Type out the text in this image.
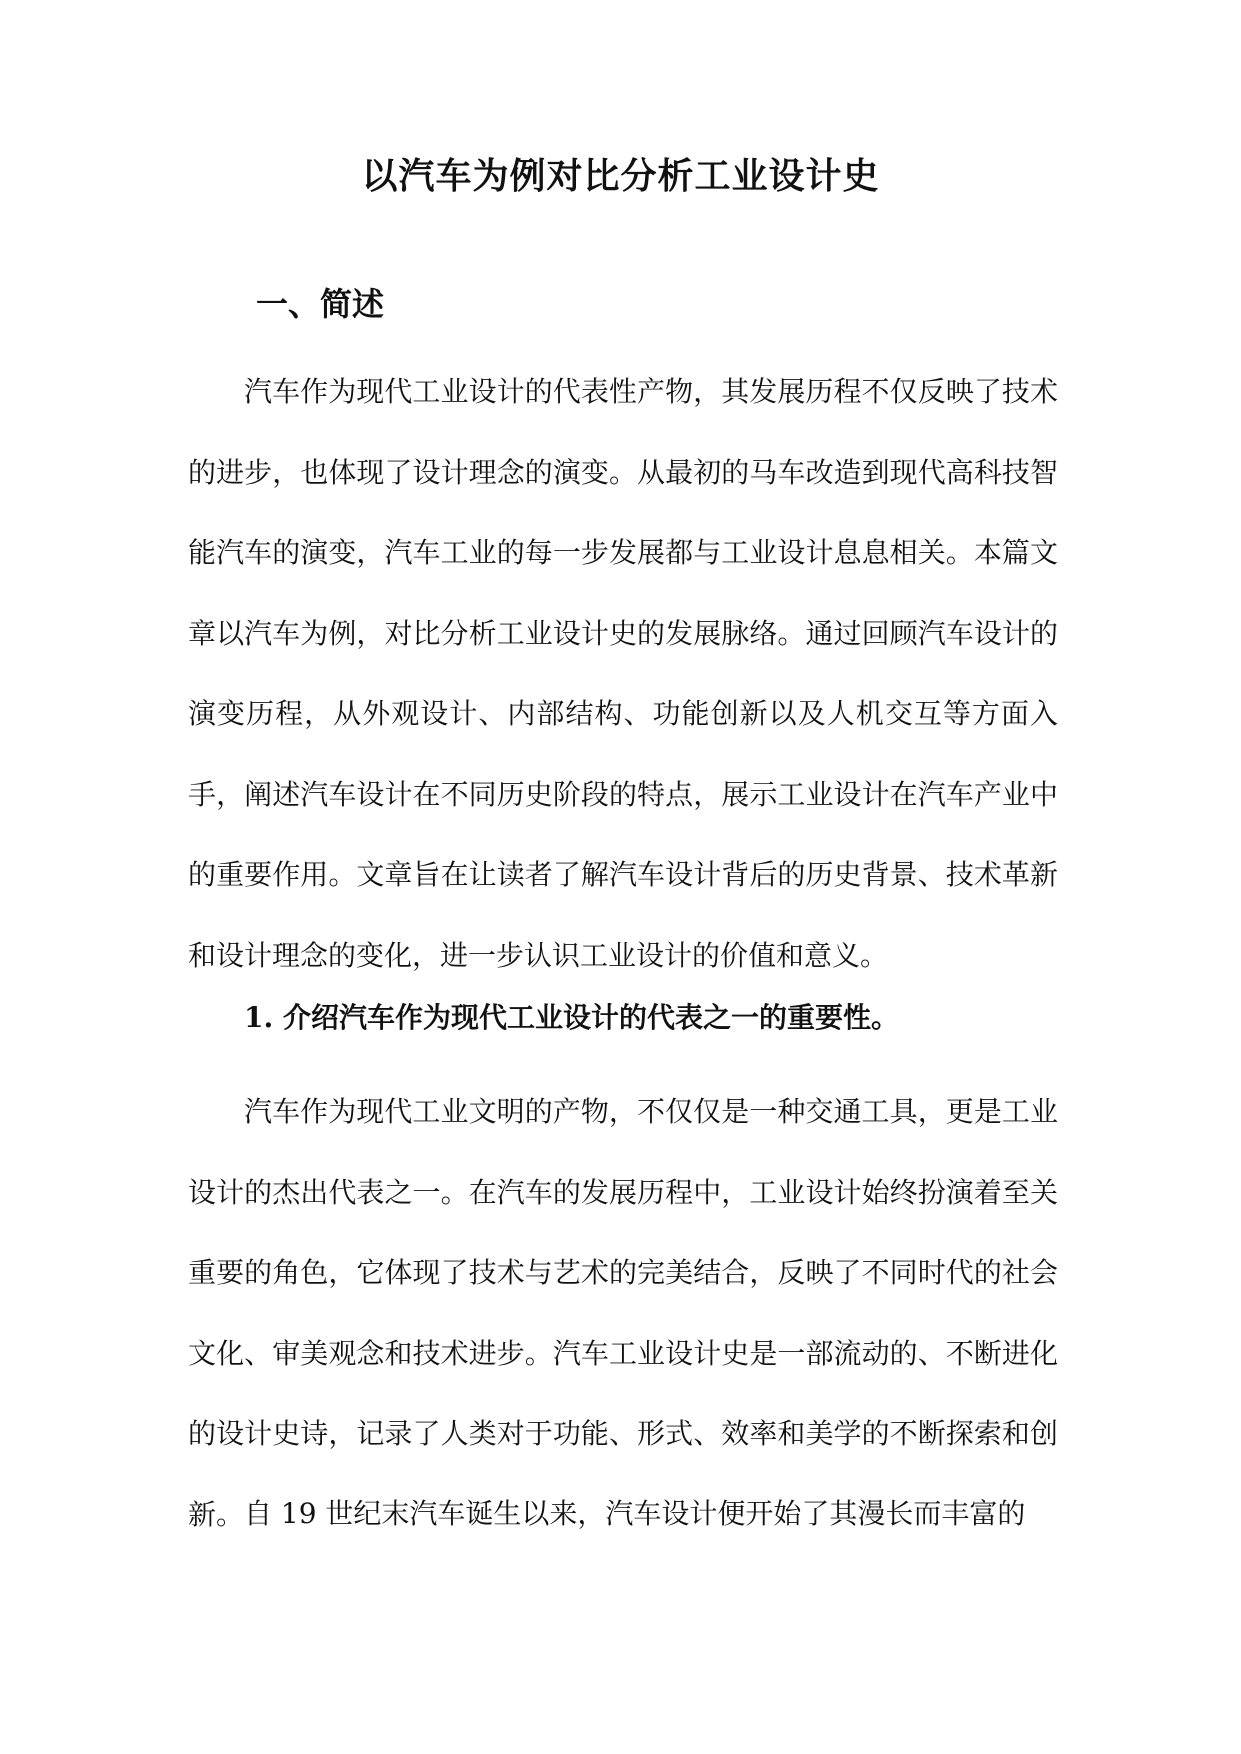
以汽车为例对比分析工业设计史
一、简述

汽车作为现代工业设计的代表性产物，其发展历程不仅反映了技术的进步，也体现了设计理念的演变。从最初的马车改造到现代高科技智能汽车的演变，汽车工业的每一步发展都与工业设计息息相关。本篇文章以汽车为例，对比分析工业设计史的发展脉络。通过回顾汽车设计的演变历程，从外观设计、内部结构、功能创新以及人机交互等方面入手，阐述汽车设计在不同历史阶段的特点，展示工业设计在汽车产业中的重要作用。文章旨在让读者了解汽车设计背后的历史背景、技术革新和设计理念的变化，进一步认识工业设计的价值和意义。

1. 介绍汽车作为现代工业设计的代表之一的重要性。

汽车作为现代工业文明的产物，不仅仅是一种交通工具，更是工业设计的杰出代表之一。在汽车的发展历程中，工业设计始终扮演着至关重要的角色，它体现了技术与艺术的完美结合，反映了不同时代的社会文化、审美观念和技术进步。汽车工业设计史是一部流动的、不断进化的设计史诗，记录了人类对于功能、形式、效率和美学的不断探索和创新。 自 19 世纪末汽车诞生以来，汽车设计便开始了其漫长而丰富的
